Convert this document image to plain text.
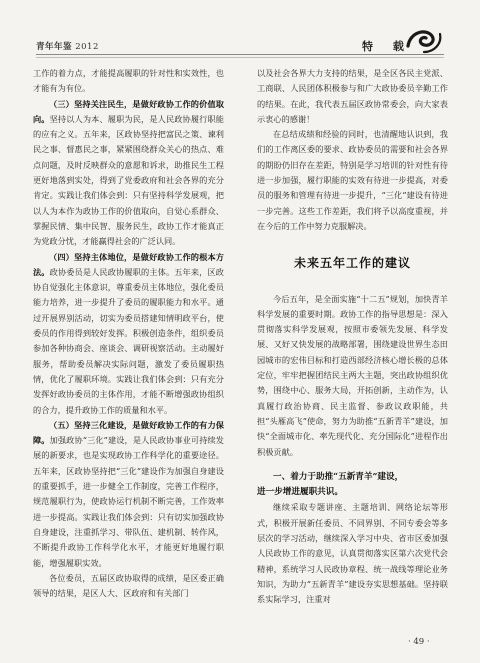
青年年鉴 2012	特 载

工作的着力点，才能提高履职的针对性和实效性，也才能有为有位。

（三）坚持关注民生，是做好政协工作的价值取向。坚持以人为本、履职为民，是人民政协履行职能的应有之义。五年来，区政协坚持把富民之策、谏利民之事、督惠民之事，紧紧围绕群众关心的热点、难点问题，及时反映群众的意愿和诉求，助推民生工程更好地落到实处，得到了党委政府和社会各界的充分肯定。实践让我们体会到：只有坚持科学发展观，把以人为本作为政协工作的价值取向，自觉心系群众、掌握民情、集中民智、服务民生，政协工作才能真正为党政分忧，才能赢得社会的广泛认同。

（四）坚持主体地位，是做好政协工作的根本方法。政协委员是人民政协履职的主体。五年来，区政协自觉强化主体意识，尊重委员主体地位，强化委员能力培养，进一步提升了委员的履职能力和水平。通过开展界别活动，切实为委员搭建知情明政平台，使委员的作用得到较好发挥。积极创造条件，组织委员参加各种协商会、座谈会、调研视察活动。主动履好服务，帮助委员解决实际问题，激发了委员履职热情，优化了履职环境。实践让我们体会到：只有充分发挥好政协委员的主体作用，才能不断增强政协组织的合力，提升政协工作的质量和水平。

（五）坚持三化建设，是做好政协工作的有力保障。加强政协“三化”建设，是人民政协事业可持续发展的新要求，也是实现政协工作科学化的重要途径。五年来，区政协坚持把“三化”建设作为加强自身建设的重要抓手，进一步健全工作制度，完善工作程序，规范履职行为，使政协运行机制不断完善，工作效率进一步提高。实践让我们体会到：只有切实加强政协自身建设，注重抓学习、带队伍、建机制、转作风，不断提升政协工作科学化水平，才能更好地履行职能，增强履职实效。

各位委员，五届区政协取得的成绩，是区委正确领导的结果，是区人大、区政府和有关部门

以及社会各界大力支持的结果，是全区各民主党派、工商联、人民团体积极参与和广大政协委员辛勤工作的结果。在此，我代表五届区政协常委会，向大家表示衷心的感谢！

在总结成绩和经验的同时，也清醒地认识到，我们的工作离区委的要求、政协委员的需要和社会各界的期盼仍旧存在差距，特别是学习培训的针对性有待进一步加强，履行职能的实效有待进一步提高，对委员的服务和管理有待进一步提升，“三化”建设有待进一步完善。这些工作差距，我们将予以高度重视，并在今后的工作中努力克服解决。

未来五年工作的建议

今后五年，是全面实施“十二五”规划，加快青羊科学发展的重要时期。政协工作的指导思想是：深入贯彻落实科学发展观，按照市委领先发展、科学发展、又好又快发展的战略部署，围绕建设世界生态田园城市的宏伟目标和打造西部经济核心增长极的总体定位，牢牢把握团结民主两大主题，突出政协组织优势，围绕中心、服务大局，开拓创新，主动作为，认真履行政治协商、民主监督、参政议政职能，共担“头雁高飞”使命，努力为助推“五新青羊”建设，加快“全面城市化、率先现代化、充分国际化”进程作出积极贡献。

一、着力于助推“五新青羊”建设，
进一步增进履职共识。

继续采取专题讲座、主题培训、网络论坛等形式，积极开展新任委员、不同界别、不同专委会等多层次的学习活动，继续深入学习中央、省市区委加强人民政协工作的意见，认真贯彻落实区第六次党代会精神，系统学习人民政协章程、统一战线等理论业务知识，为助力“五新青羊”建设夯实思想基础。坚持联系实际学习，注重对

· 49 ·
